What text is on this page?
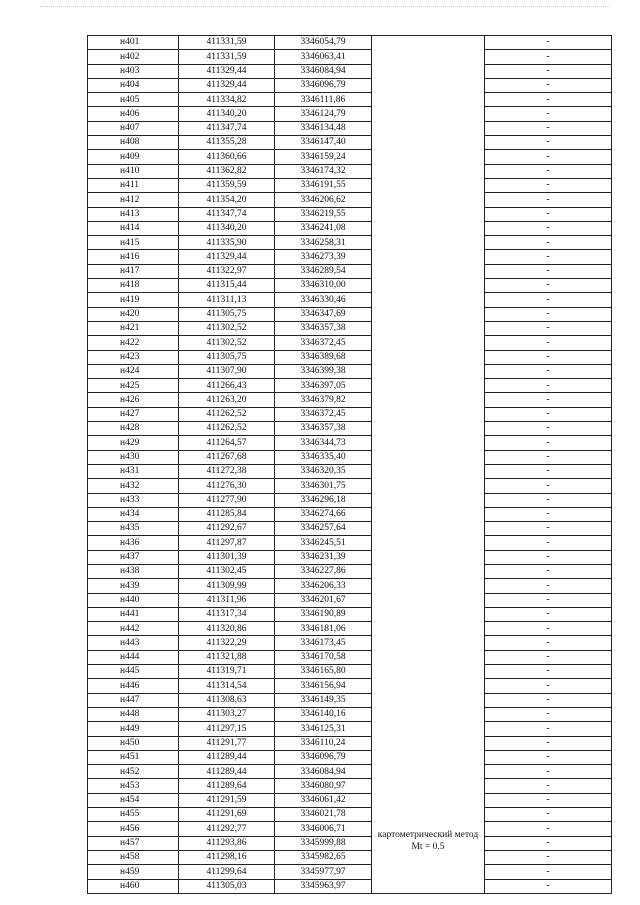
н401	411331,59	3346054,79	картометрический метод Mt = 0.5	-
н402	411331,59	3346063,41		-
н403	411329,44	3346084,94		-
н404	411329,44	3346096,79		-
н405	411334,82	3346111,86		-
н406	411340,20	3346124,79		-
н407	411347,74	3346134,48		-
н408	411355,28	3346147,40		-
н409	411360,66	3346159,24		-
н410	411362,82	3346174,32		-
н411	411359,59	3346191,55		-
н412	411354,20	3346206,62		-
н413	411347,74	3346219,55		-
н414	411340,20	3346241,08		-
н415	411335,90	3346258,31		-
н416	411329,44	3346273,39		-
н417	411322,97	3346289,54		-
н418	411315,44	3346310,00		-
н419	411311,13	3346330,46		-
н420	411305,75	3346347,69		-
н421	411302,52	3346357,38		-
н422	411302,52	3346372,45		-
н423	411305,75	3346389,68		-
н424	411307,90	3346399,38		-
н425	411266,43	3346397,05		-
н426	411263,20	3346379,82		-
н427	411262,52	3346372,45		-
н428	411262,52	3346357,38		-
н429	411264,57	3346344,73		-
н430	411267,68	3346335,40		-
н431	411272,38	3346320,35		-
н432	411276,30	3346301,75		-
н433	411277,90	3346296,18		-
н434	411285,84	3346274,66		-
н435	411292,67	3346257,64		-
н436	411297,87	3346245,51		-
н437	411301,39	3346231,39		-
н438	411302,45	3346227,86		-
н439	411309,99	3346206,33		-
н440	411311,96	3346201,67		-
н441	411317,34	3346190,89		-
н442	411320,86	3346181,06		-
н443	411322,29	3346173,45		-
н444	411321,88	3346170,58		-
н445	411319,71	3346165,80		-
н446	411314,54	3346156,94		-
н447	411308,63	3346149,35		-
н448	411303,27	3346140,16		-
н449	411297,15	3346125,31		-
н450	411291,77	3346110,24		-
н451	411289,44	3346096,79		-
н452	411289,44	3346084,94		-
н453	411289,64	3346080,97		-
н454	411291,59	3346061,42		-
н455	411291,69	3346021,78		-
н456	411292,77	3346006,71		-
н457	411293,86	3345999,88		-
н458	411298,16	3345982,65		-
н459	411299,64	3345977,97		-
н460	411305,03	3345963,97		-
